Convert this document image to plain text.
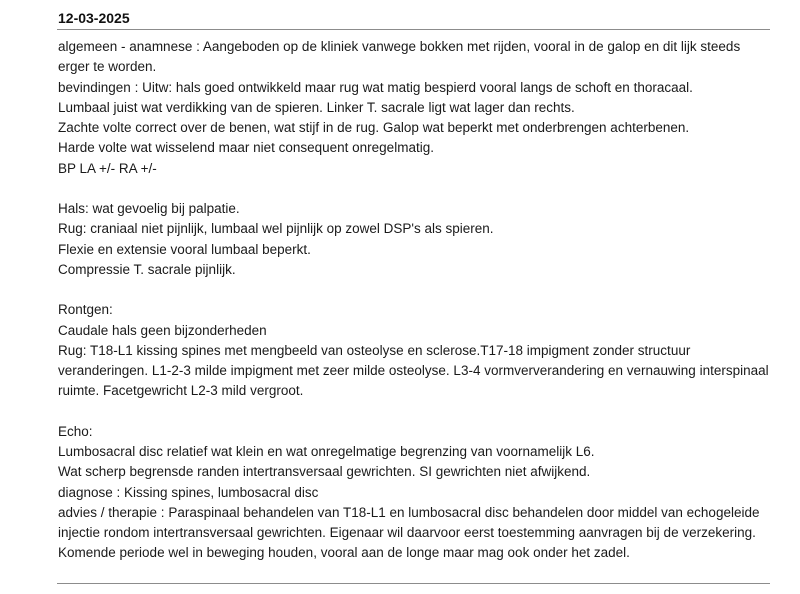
12-03-2025
algemeen - anamnese : Aangeboden op de kliniek vanwege bokken met rijden, vooral in de galop en dit lijk steeds erger te worden.
bevindingen : Uitw: hals goed ontwikkeld maar rug wat matig bespierd vooral langs de schoft en thoracaal.
Lumbaal juist wat verdikking van de spieren. Linker T. sacrale ligt wat lager dan rechts.
Zachte volte correct over de benen, wat stijf in de rug. Galop wat beperkt met onderbrengen achterbenen.
Harde volte wat wisselend maar niet consequent onregelmatig.
BP LA +/- RA +/-
Hals: wat gevoelig bij palpatie.
Rug: craniaal niet pijnlijk, lumbaal wel pijnlijk op zowel DSP's als spieren.
Flexie en extensie vooral lumbaal beperkt.
Compressie T. sacrale pijnlijk.
Rontgen:
Caudale hals geen bijzonderheden
Rug: T18-L1 kissing spines met mengbeeld van osteolyse en sclerose.T17-18 impigment zonder structuur veranderingen. L1-2-3 milde impigment met zeer milde osteolyse. L3-4 vormververandering en vernauwing interspinaal ruimte. Facetgewricht L2-3 mild vergroot.
Echo:
Lumbosacral disc relatief wat klein en wat onregelmatige begrenzing van voornamelijk L6.
Wat scherp begrensde randen intertransversaal gewrichten. SI gewrichten niet afwijkend.
diagnose : Kissing spines, lumbosacral disc
advies / therapie : Paraspinaal behandelen van T18-L1 en lumbosacral disc behandelen door middel van echogeleide injectie rondom intertransversaal gewrichten. Eigenaar wil daarvoor eerst toestemming aanvragen bij de verzekering.
Komende periode wel in beweging houden, vooral aan de longe maar mag ook onder het zadel.
